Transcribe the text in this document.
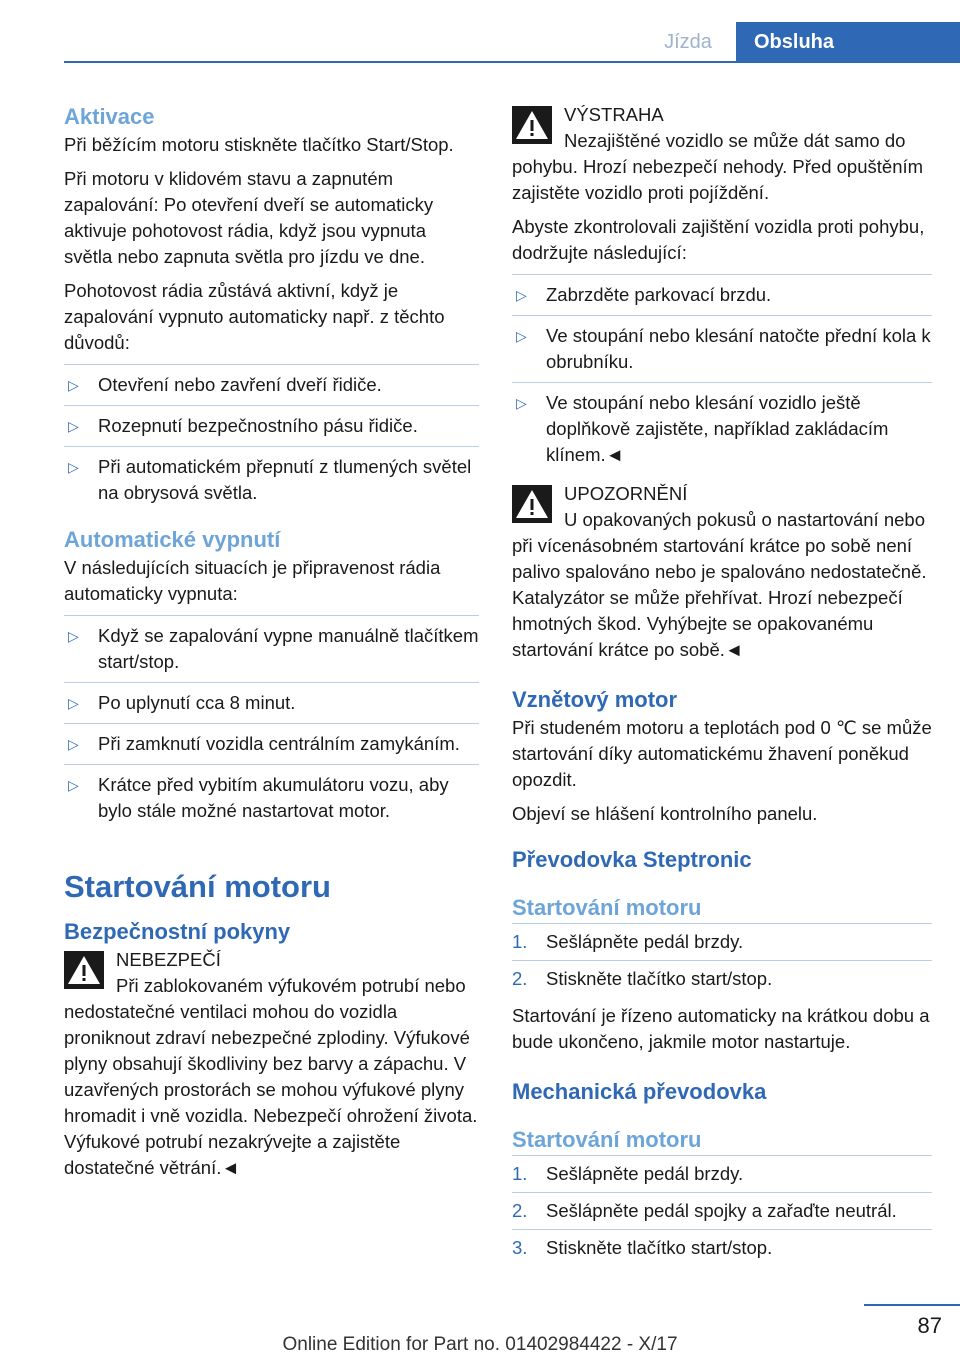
Jízda	Obsluha
Aktivace

Při běžícím motoru stiskněte tlačítko Start/Stop.

Při motoru v klidovém stavu a zapnutém zapalování: Po otevření dveří se automaticky aktivuje pohotovost rádia, když jsou vypnuta světla nebo zapnuta světla pro jízdu ve dne.

Pohotovost rádia zůstává aktivní, když je zapalování vypnuto automaticky např. z těchto důvodů:

▷ Otevření nebo zavření dveří řidiče.
▷ Rozepnutí bezpečnostního pásu řidiče.
▷ Při automatickém přepnutí z tlumených světel na obrysová světla.
Automatické vypnutí

V následujících situacích je připravenost rádia automaticky vypnuta:

▷ Když se zapalování vypne manuálně tlačítkem start/stop.
▷ Po uplynutí cca 8 minut.
▷ Při zamknutí vozidla centrálním zamykáním.
▷ Krátce před vybitím akumulátoru vozu, aby bylo stále možné nastartovat motor.
Startování motoru
Bezpečnostní pokyny
NEBEZPEČÍ
Při zablokovaném výfukovém potrubí nebo nedostatečné ventilaci mohou do vozidla proniknout zdraví nebezpečné zplodiny. Výfukové plyny obsahují škodliviny bez barvy a zápachu. V uzavřených prostorách se mohou výfukové plyny hromadit i vně vozidla. Nebezpečí ohrožení života. Výfukové potrubí nezakrývejte a zajistěte dostatečné větrání.◄
VÝSTRAHA
Nezajištěné vozidlo se může dát samo do pohybu. Hrozí nebezpečí nehody. Před opuštěním zajistěte vozidlo proti pojíždění.

Abyste zkontrolovali zajištění vozidla proti pohybu, dodržujte následující:

▷ Zabrzděte parkovací brzdu.
▷ Ve stoupání nebo klesání natočte přední kola k obrubníku.
▷ Ve stoupání nebo klesání vozidlo ještě doplňkově zajistěte, například zakládacím klínem.◄
UPOZORNĚNÍ
U opakovaných pokusů o nastartování nebo při vícenásobném startování krátce po sobě není palivo spalováno nebo je spalováno nedostatečně. Katalyzátor se může přehřívat. Hrozí nebezpečí hmotných škod. Vyhýbejte se opakovanému startování krátce po sobě.◄
Vznětový motor

Při studeném motoru a teplotách pod 0 ℃ se může startování díky automatickému žhavení poněkud opozdit.

Objeví se hlášení kontrolního panelu.

Převodovka Steptronic
Startování motoru
1. Sešlápněte pedál brzdy.
2. Stiskněte tlačítko start/stop.

Startování je řízeno automaticky na krátkou dobu a bude ukončeno, jakmile motor nastartuje.

Mechanická převodovka
Startování motoru
1. Sešlápněte pedál brzdy.
2. Sešlápněte pedál spojky a zařaďte neutrál.
3. Stiskněte tlačítko start/stop.
87
Online Edition for Part no. 01402984422 - X/17
